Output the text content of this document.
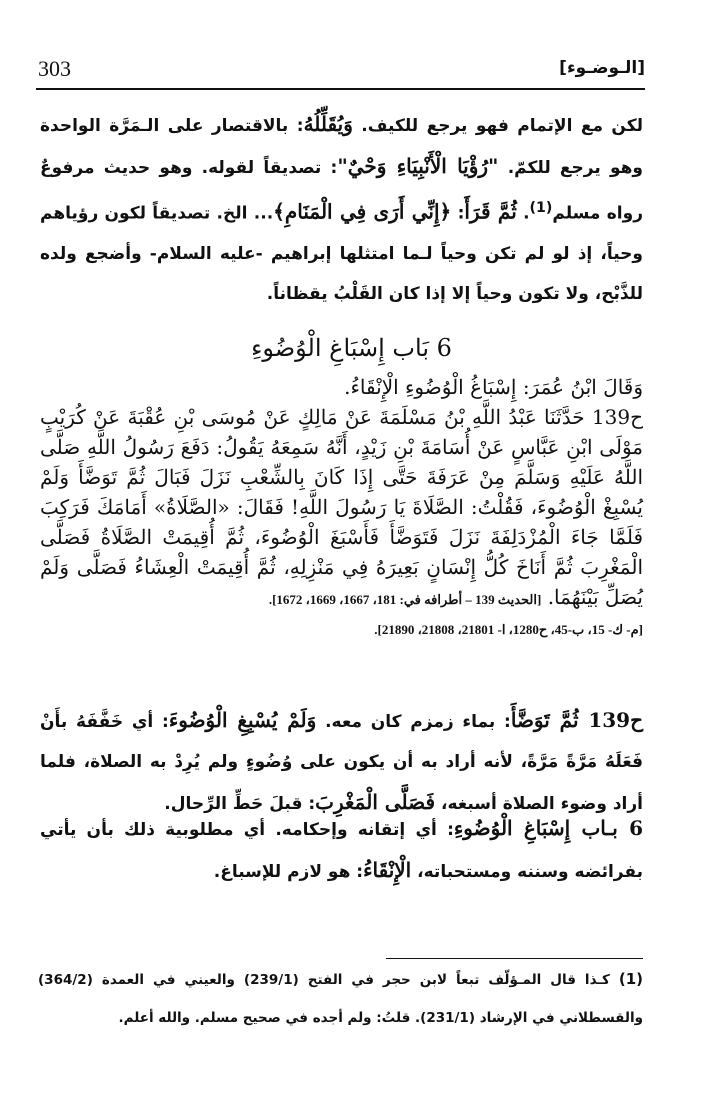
303	[الـوضـوء]
لكن مع الإتمام فهو يرجع للكيف. وَيُقَلِّلُهُ: بالاقتصار على الـمَرَّة الواحدة وهو يرجع للكمّ. "رُؤْيَا الْأَنْبِيَاءِ وَحْيٌ": تصديقاً لقوله. وهو حديث مرفوعٌ رواه مسلم$^{(1)}$. ثُمَّ قَرَأَ: ﴿إِنِّي أَرَى فِي الْمَنَامِ﴾... الخ. تصديقاً لكون رؤياهم وحياً، إذ لو لم تكن وحياً لـما امتثلها إبراهيم -عليه السلام- وأضجع ولده للذَّبْح، ولا تكون وحياً إلا إذا كان القَلْبُ يقظاناً.
6 بَاب إِسْبَاغِ الْوُضُوءِ

وَقَالَ ابْنُ عُمَرَ: إِسْبَاغُ الْوُضُوءِ الْإِنْقَاءُ.

ح139 حَدَّثَنَا عَبْدُ اللَّهِ بْنُ مَسْلَمَةَ عَنْ مَالِكٍ عَنْ مُوسَى بْنِ عُقْبَةَ عَنْ كُرَيْبٍ مَوْلَى ابْنِ عَبَّاسٍ عَنْ أُسَامَةَ بْنِ زَيْدٍ، أَنَّهُ سَمِعَهُ يَقُولُ: دَفَعَ رَسُولُ اللَّهِ صَلَّى اللَّهُ عَلَيْهِ وَسَلَّمَ مِنْ عَرَفَةَ حَتَّى إِذَا كَانَ بِالشِّعْبِ نَزَلَ فَبَالَ ثُمَّ تَوَضَّأَ وَلَمْ يُسْبِغْ الْوُضُوءَ، فَقُلْتُ: الصَّلَاةَ يَا رَسُولَ اللَّهِ! فَقَالَ: «الصَّلَاةُ» أَمَامَكَ فَرَكِبَ فَلَمَّا جَاءَ الْمُزْدَلِفَةَ نَزَلَ فَتَوَضَّأَ فَأَسْبَغَ الْوُضُوءَ، ثُمَّ أُقِيمَتْ الصَّلَاةُ فَصَلَّى الْمَغْرِبَ ثُمَّ أَنَاخَ كُلُّ إِنْسَانٍ بَعِيرَهُ فِي مَنْزِلِهِ، ثُمَّ أُقِيمَتْ الْعِشَاءُ فَصَلَّى وَلَمْ يُصَلِّ بَيْنَهُمَا. [الحديث 139 – أطرافه في: 181، 1667، 1669، 1672].

[م- ك- 15، ب-45، ح1280، ا- 21801، 21808، 21890].

6 بـاب إِسْبَاغِ الْوُضُوءِ: أي إتقانه وإحكامه. أي مطلوبية ذلك بأن يأتي بفرائضه وسننه ومستحباته، الْإِنْقَاءُ: هو لازم للإسباغ.
ح139 ثُمَّ تَوَضَّأَ: بماء زمزم كان معه. وَلَمْ يُسْبِغِ الْوُضُوءَ: أي خَفَّفَهُ بأَنْ فَعَلَهُ مَرَّةً مَرَّةً، لأنه أراد به أن يكون على وُضُوءٍ ولم يُرِدْ به الصلاة، فلما أراد وضوء الصلاة أسبغه، فَصَلَّى الْمَغْرِبَ: قبلَ حَطِّ الرِّحال.
(1) كـذا قال المـؤلّف تبعاً لابن حجر في الفتح (239/1) والعيني في العمدة (364/2) والقسطلاني في الإرشاد (231/1). قلتُ: ولم أجده في صحيح مسلم. والله أعلم.
